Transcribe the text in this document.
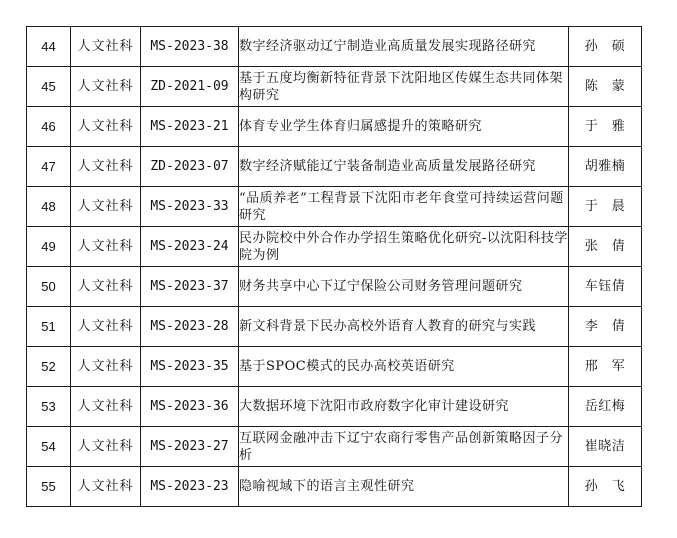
44	人文社科	MS-2023-38	数字经济驱动辽宁制造业高质量发展实现路径研究	孙　硕
45	人文社科	ZD-2021-09	基于五度均衡新特征背景下沈阳地区传媒生态共同体架构研究	陈　蒙
46	人文社科	MS-2023-21	体育专业学生体育归属感提升的策略研究	于　雅
47	人文社科	ZD-2023-07	数字经济赋能辽宁装备制造业高质量发展路径研究	胡雅楠
48	人文社科	MS-2023-33	“品质养老”工程背景下沈阳市老年食堂可持续运营问题研究	于　晨
49	人文社科	MS-2023-24	民办院校中外合作办学招生策略优化研究-以沈阳科技学院为例	张　倩
50	人文社科	MS-2023-37	财务共享中心下辽宁保险公司财务管理问题研究	车钰倩
51	人文社科	MS-2023-28	新文科背景下民办高校外语育人教育的研究与实践	李　倩
52	人文社科	MS-2023-35	基于SPOC模式的民办高校英语研究	邢　军
53	人文社科	MS-2023-36	大数据环境下沈阳市政府数字化审计建设研究	岳红梅
54	人文社科	MS-2023-27	互联网金融冲击下辽宁农商行零售产品创新策略因子分析	崔晓洁
55	人文社科	MS-2023-23	隐喻视域下的语言主观性研究	孙　飞
